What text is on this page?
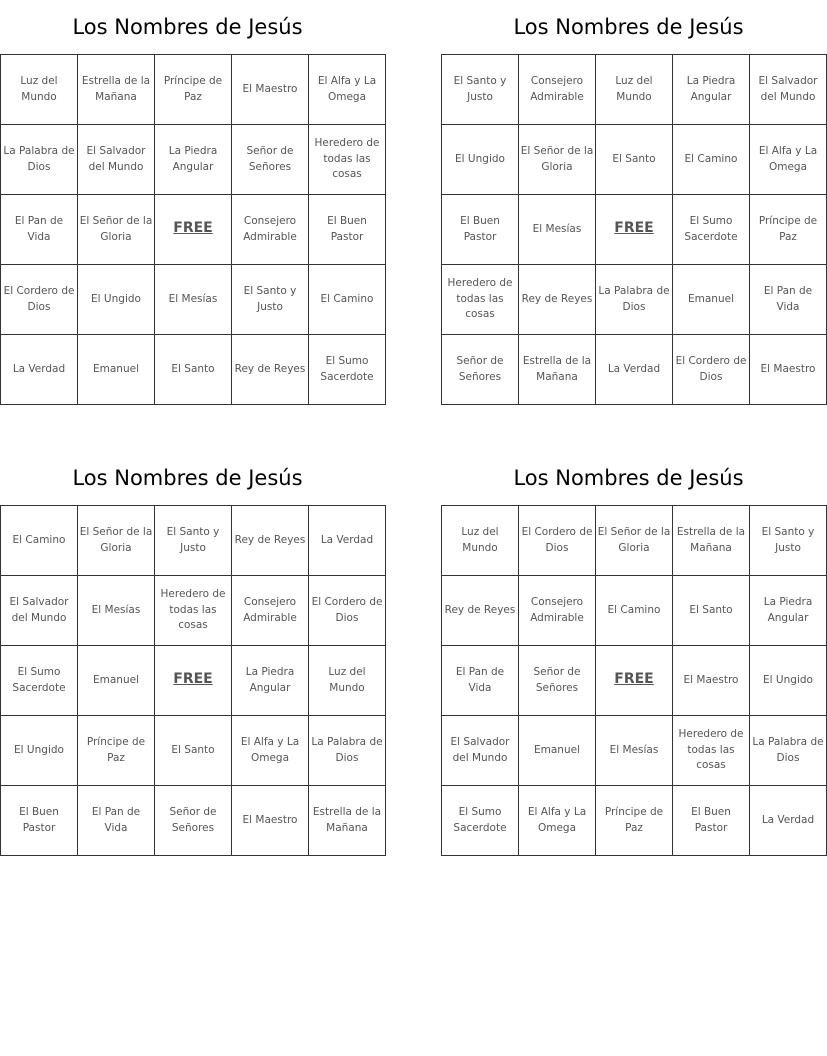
Los Nombres de Jesús
Luz del Mundo	Estrella de la Mañana	Príncipe de Paz	El Maestro	El Alfa y La Omega
La Palabra de Dios	El Salvador del Mundo	La Piedra Angular	Señor de Señores	Heredero de todas las cosas
El Pan de Vida	El Señor de la Gloria	FREE	Consejero Admirable	El Buen Pastor
El Cordero de Dios	El Ungido	El Mesías	El Santo y Justo	El Camino
La Verdad	Emanuel	El Santo	Rey de Reyes	El Sumo Sacerdote
Los Nombres de Jesús
El Santo y Justo	Consejero Admirable	Luz del Mundo	La Piedra Angular	El Salvador del Mundo
El Ungido	El Señor de la Gloria	El Santo	El Camino	El Alfa y La Omega
El Buen Pastor	El Mesías	FREE	El Sumo Sacerdote	Príncipe de Paz
Heredero de todas las cosas	Rey de Reyes	La Palabra de Dios	Emanuel	El Pan de Vida
Señor de Señores	Estrella de la Mañana	La Verdad	El Cordero de Dios	El Maestro
Los Nombres de Jesús
El Camino	El Señor de la Gloria	El Santo y Justo	Rey de Reyes	La Verdad
El Salvador del Mundo	El Mesías	Heredero de todas las cosas	Consejero Admirable	El Cordero de Dios
El Sumo Sacerdote	Emanuel	FREE	La Piedra Angular	Luz del Mundo
El Ungido	Príncipe de Paz	El Santo	El Alfa y La Omega	La Palabra de Dios
El Buen Pastor	El Pan de Vida	Señor de Señores	El Maestro	Estrella de la Mañana
Los Nombres de Jesús
Luz del Mundo	El Cordero de Dios	El Señor de la Gloria	Estrella de la Mañana	El Santo y Justo
Rey de Reyes	Consejero Admirable	El Camino	El Santo	La Piedra Angular
El Pan de Vida	Señor de Señores	FREE	El Maestro	El Ungido
El Salvador del Mundo	Emanuel	El Mesías	Heredero de todas las cosas	La Palabra de Dios
El Sumo Sacerdote	El Alfa y La Omega	Príncipe de Paz	El Buen Pastor	La Verdad
